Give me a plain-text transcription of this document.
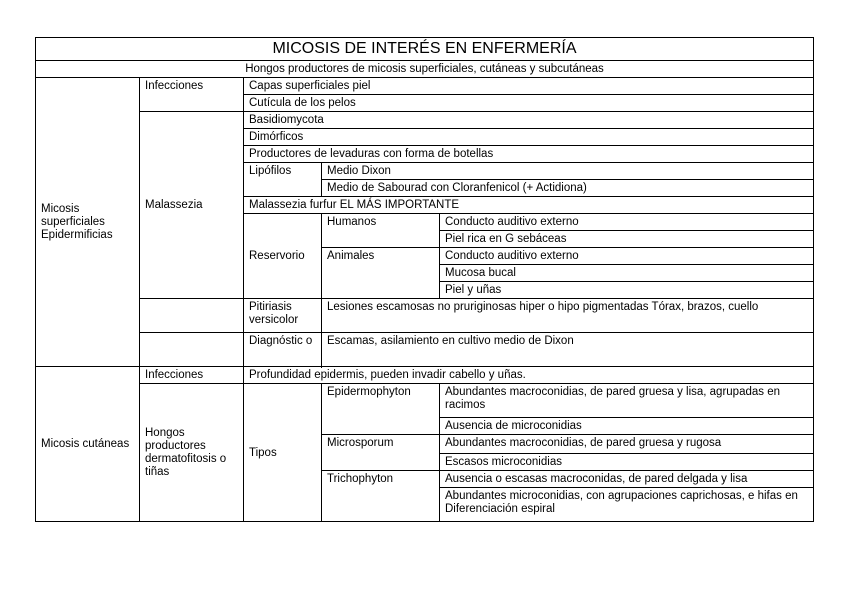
MICOSIS DE INTERÉS EN ENFERMERÍA				
Hongos productores de micosis superficiales, cutáneas y subcutáneas				
Micosis superficiales Epidermificias	Infecciones	Capas superficiales piel		
		Cutícula de los pelos		
	Malassezia	Basidiomycota		
		Dimórficos		
		Productores de levaduras con forma de botellas		
		Lipófilos	Medio Dixon	
			Medio de Sabourad con Cloranfenicol (+ Actidiona)	
		Malassezia furfur EL MÁS IMPORTANTE		
		Reservorio	Humanos	Conducto auditivo externo
				Piel rica en G sebáceas
			Animales	Conducto auditivo externo
				Mucosa bucal
				Piel y uñas
		Pitiriasis versicolor	Lesiones escamosas no pruriginosas hiper o hipo pigmentadas Tórax, brazos, cuello	

		Diagnóstic o	Escamas, asilamiento en cultivo medio de Dixon	

Micosis cutáneas	Infecciones	Profundidad epidermis, pueden invadir cabello y uñas.		
	Hongos productores dermatofitosis o tiñas	Tipos	Epidermophyton	Abundantes macroconidias, de pared gruesa y lisa, agrupadas en racimos
				Ausencia de microconidias
			Microsporum	Abundantes macroconidias, de pared gruesa y rugosa
				Escasos microconidias
			Trichophyton	Ausencia o escasas macroconidas, de pared delgada y lisa
				Abundantes microconidias, con agrupaciones caprichosas, e hifas en Diferenciación espiral
